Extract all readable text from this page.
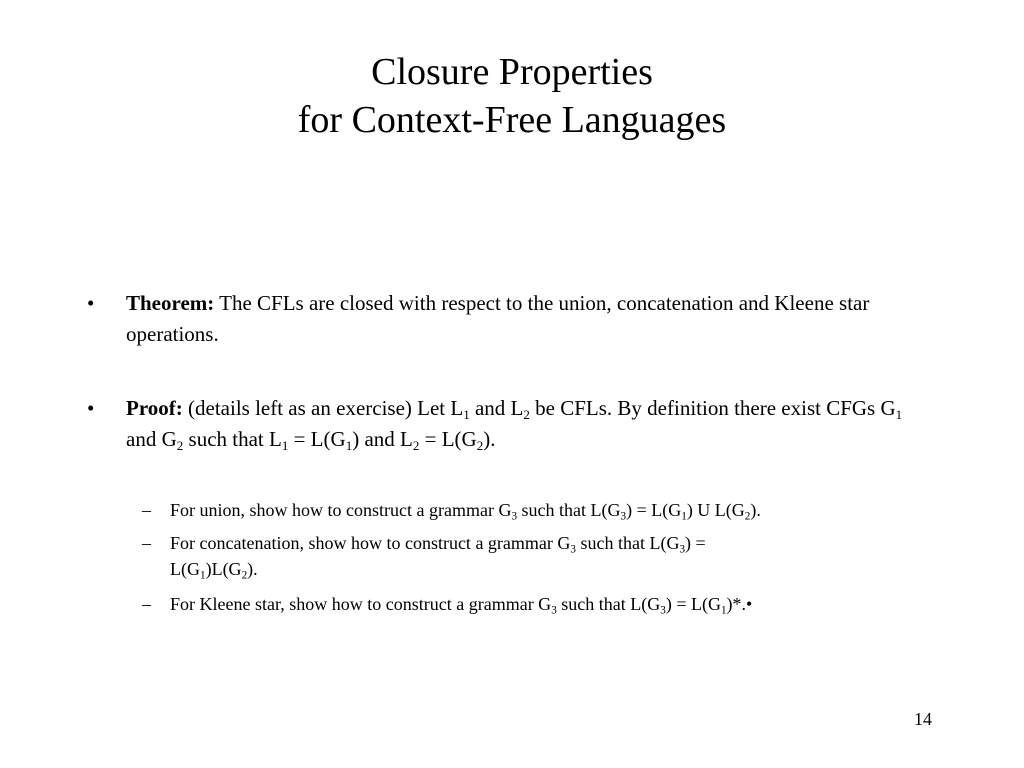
Closure Properties
for Context-Free Languages
• Theorem: The CFLs are closed with respect to the union, concatenation and Kleene star operations.
• Proof: (details left as an exercise) Let $L_1$ and $L_2$ be CFLs. By definition there exist CFGs $G_1$ and $G_2$ such that $L_1 = L(G_1)$ and $L_2 = L(G_2)$.
– For union, show how to construct a grammar $G_3$ such that $L(G_3) = L(G_1)$ U $L(G_2)$.
– For concatenation, show how to construct a grammar $G_3$ such that $L(G_3)$ =
$L(G_1)L(G_2)$.
– For Kleene star, show how to construct a grammar $G_3$ such that $L(G_3)$ = $L(G_1)*.•$
14
